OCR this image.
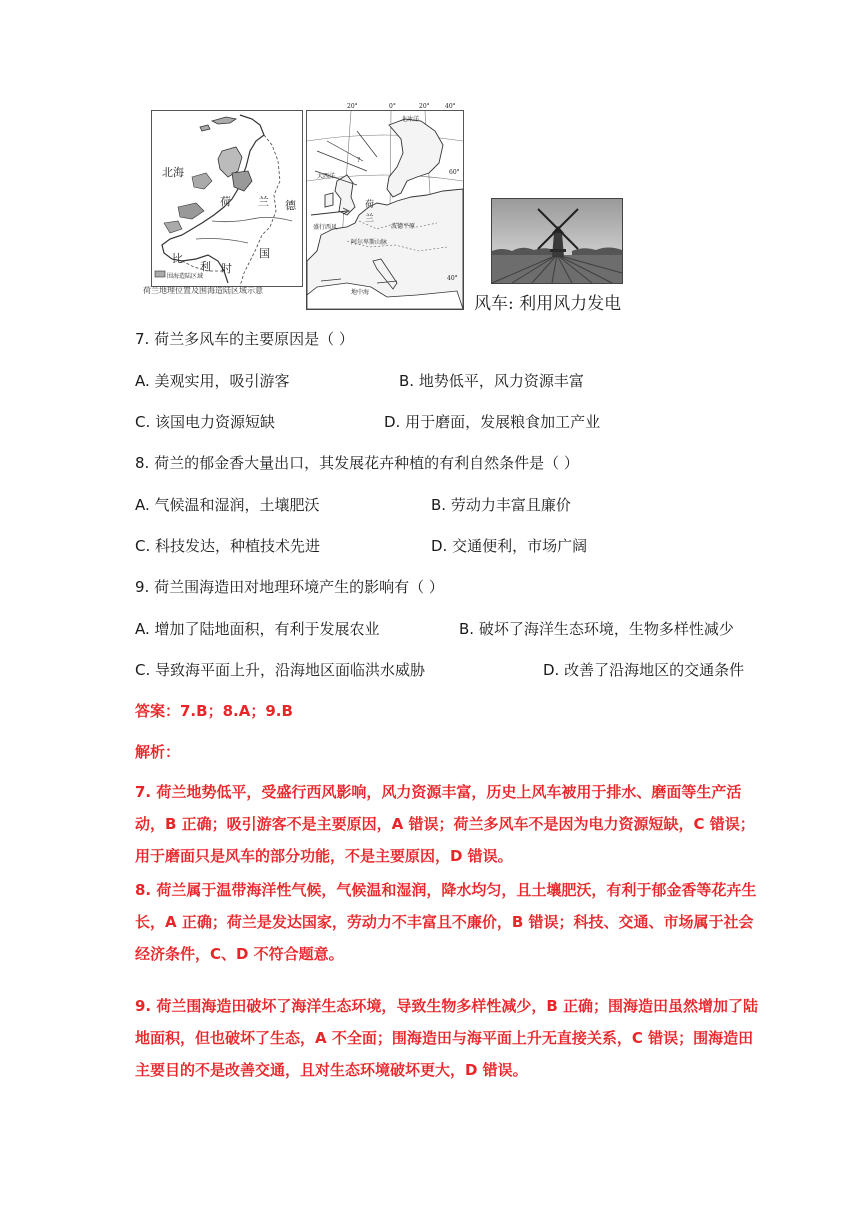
北海
荷 兰 德
国
比
利 时
围海造陆区域
20°	0°	20°	40°
北冰洋
?
大西洋
荷
兰
盛行西风	波德平原
阿尔卑斯山脉
地中海
60°
40°
荷兰地理位置及围海造陆区域示意
风车: 利用风力发电
7. 荷兰多风车的主要原因是（ ）
A. 美观实用，吸引游客	B. 地势低平，风力资源丰富
C. 该国电力资源短缺	D. 用于磨面，发展粮食加工产业
8. 荷兰的郁金香大量出口，其发展花卉种植的有利自然条件是（ ）
A. 气候温和湿润，土壤肥沃	B. 劳动力丰富且廉价
C. 科技发达，种植技术先进	D. 交通便利，市场广阔
9. 荷兰围海造田对地理环境产生的影响有（ ）
A. 增加了陆地面积，有利于发展农业	B. 破坏了海洋生态环境，生物多样性减少
C. 导致海平面上升，沿海地区面临洪水威胁	D. 改善了沿海地区的交通条件
答案：7.B；8.A；9.B
解析：
7. 荷兰地势低平，受盛行西风影响，风力资源丰富，历史上风车被用于排水、磨面等生产活动，B 正确；吸引游客不是主要原因，A 错误；荷兰多风车不是因为电力资源短缺，C 错误；用于磨面只是风车的部分功能，不是主要原因，D 错误。
8. 荷兰属于温带海洋性气候，气候温和湿润，降水均匀，且土壤肥沃，有利于郁金香等花卉生长，A 正确；荷兰是发达国家，劳动力不丰富且不廉价，B 错误；科技、交通、市场属于社会经济条件，C、D 不符合题意。
9. 荷兰围海造田破坏了海洋生态环境，导致生物多样性减少，B 正确；围海造田虽然增加了陆地面积，但也破坏了生态，A 不全面；围海造田与海平面上升无直接关系，C 错误；围海造田主要目的不是改善交通，且对生态环境破坏更大，D 错误。
